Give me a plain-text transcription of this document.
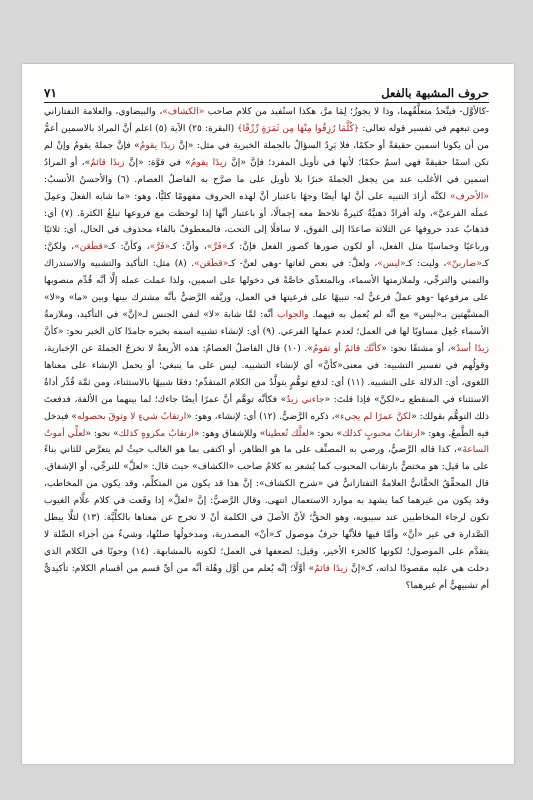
حروف المشبهة بالفعل
٧١

-كالأوَّل- فيتَّحدُ متعلَّقُهما، وذا لا يجوزُ؛ لِمَا مرَّ، هكذا استُفيد من كلام صاحب «الكشاف»، والبيضاوي، والعلامة التفتازاني ومن تبعهم في تفسير قوله تعالى: ﴿كُلَّمَا رُزِقُوا مِنْهَا مِن ثَمَرَةٍ رِّزْقًا﴾ (البقرة: ٢٥) الآية (٥) اعلم أنَّ المرادَ بالاسمين أعمُّ من أن يكونا اسمين حقيقةً أو حكمًا، فلا يَرِدُ السؤالُ بالجملة الخبرية في مثل: «إنَّ زيدًا يقومُ» فإنَّ جملةَ يقومُ وإنْ لم تكن اسمًا حقيقةً فهي اسمٌ حكمًا؛ لأنها في تأويل المفرد؛ فإنَّ «إنَّ زيدًا يقومُ» في قوَّة: «إنَّ زيدًا قائمٌ»، أو المرادُ اسمين في الأغلب عند من يجعل الجملةَ خبرًا بلا تأويل على ما صرَّح به الفاضلُ العصام. (٦) والأحسنُ الأنسبُ: «الأحرف» لكنَّه أرادَ التنبيه على أنَّ لها أيضًا وجهًا باعتبار أنَّ لهذه الحروف مفهومًا كليًّا، وهو: «ما شابه الفعلَ وعمِلَ عملَه الفرعيَّ»، وله أفرادٌ ذهنيَّةٌ كثيرةٌ تلاحظ معه إجمالًا، أو باعتبار أنَّها إذا لوحظت مع فروعها تبلغُ الكثرةَ. (٧) أي: فذهابُ عدد حروفها عن الثلاثة صاعدًا إلى الفوق، لا سافلًا إلى التحت، فالمعطوفُ بالفاء محذوف في الحال، أي: ثلاثيًا ورباعيًا وخماسيًا مثل الفعل، أو لكون صورها كصور الفعل فإنَّ: كـ«فَرَّ»، وأنَّ: كـ«فَرَّ»، وكأنَّ: كـ«قطَعَن»، ولكنَّ: كـ«ضاربنّ»، وليت: كـ«ليس»، ولعلَّ: في بعض لغاتها -وهي لعنَّ- كـ«قطَعَن». (٨) مثل: التأكيد والتشبيه والاستدراك والتمني والترجِّي، ولملازمتها الأسماء، وبالمتعدِّي خاصَّةً في دخولها على اسمين، ولذا عملت عمله إلَّا أنَّه قُدِّم منصوبها على مرفوعها -وهو عملٌ فرعيٌّ له- تنبيهًا على فرعيتها في العمل، وزيَّفه الرَّضيُّ بأنَّه مشترك بينها وبين «ما» و«لا» المشبَّهتين بـ«ليس» مع أنَّه لم يُعمل به فيهما. والجواب أنَّه: لمَّا شابهَ «لا» لنفي الجنس لـ«إنَّ» في التأكيد، وملازمةُ الأسماء جُعِل مساويًا لها في العمل؛ لعدم عملها الفرعي. (٩) أي: لإنشاء تشبيه اسمه بخبره جامدًا كان الخبر نحو: «كأنَّ زيدًا أسدٌ»، أو مشتقًا نحو: «كأنَّك قائمٌ أو تقومُ». (١٠) قال الفاضلُ العصامُ: هذه الأربعةُ لا تخرجُ الجملةَ عن الإخبارية، وقولُهم في تفسير التشبيه: في معنى«كأنَّ» أي لإنشاء التشبيه. ليس على ما ينبغي؛ أو يحمل الإنشاء على معناها اللغوي، أي: الدلالة على التشبيه. (١١) أي: لدفع توهُّمٍ يتولَّدُ من الكلام المتقدِّم؛ دفعًا شبيهًا بالاستثناء، ومن ثمَّة قُدِّر أداةُ الاستثناء في المنقطع بـ«لكنَّ» فإذا قلتَ: «جاءني زيدٌ» فكأنَّه توهَّم أنَّ عمرًا أيضًا جاءك؛ لما بينهما من الألفة، فدفعتَ ذلك التوهُّم بقولك: «لكنَّ عمرًا لم يجيء»، ذكره الرَّضيُّ. (١٢) أي: لإنشاء، وهو: «ارتقابُ شيءٍ لا وثوقَ بحصوله» فيدخل فيه الطَّمعُ، وهو: «ارتقابُ محبوبٍ كذلك» نحو: «لعلَّك تُعطينا» وللإشفاق وهو: «ارتقابُ مكروهٍ كذلك» نحو: «لعلِّي أموتُ الساعةَ»، كذا قاله الرَّضيُّ، ورضي به المصنِّف على ما هو الظاهر، أو اكتفى بما هو الغالب حيثُ لم يتعرَّض للثاني بناءً على ما قيل: هو مختصٌّ بارتقاب المحبوب كما يُشعر به كلامُ صاحب «الكشاف» حيث قال: «لعلَّ» للترجِّي، أو الإشفاق. قال المحقِّقُ الحقَّانيُّ العلامةُ التفتازانيُّ في «شرح الكشاف»: إنَّ هذا قد يكون من المتكلِّم، وقد يكون من المخاطب، وقد يكون من غيرهما كما يشهد به موارد الاستعمال انتهى. وقال الرَّضيُّ: إنَّ «لعلَّ» إذا وقَعت في كلام علَّام الغيوب تكون لرجاء المخاطبين عند سيبويه، وهو الحقُّ؛ لأنَّ الأصلَ في الكلمة أنْ لا تخرج عن معناها بالكلِّيَّة. (١٣) لئلَّا يبطل الصَّدارة في غير «أنَّ» وأمَّا فيها فلأنَّها حرفُ موصول كـ«أنْ» المصدرية، ومدخولُها صلتُها، وشيءٌ من أجزاء الصِّلة لا يتقدَّم على الموصول؛ لكونها كالجزء الأخير، وقيل: لضعفها في العمل؛ لكونه بالمشابهة. (١٤) وجوبًا في الكلام الذي دخلت هي عليه مقصودًا لذاته، كـ«إنَّ زيدًا قائمٌ» أوَّلًا؛ إنَّه يُعلم من أوَّل وهْلة أنَّه من أيِّ قسم من أقسام الكلام: تأكيديٌّ أم تشبيهيٌّ أم غيرهما؟
